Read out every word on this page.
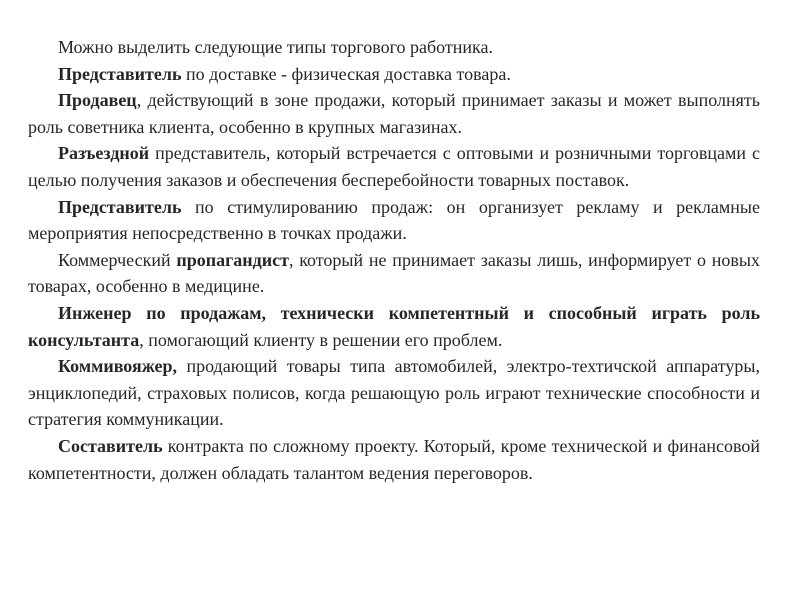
Можно выделить следующие типы торгового работника.

Представитель по доставке - физическая доставка товара.

Продавец, действующий в зоне продажи, который принимает заказы и может выполнять роль советника клиента, особенно в крупных магазинах.

Разъездной представитель, который встречается с оптовыми и розничными торговцами с целью получения заказов и обеспечения бесперебойности товарных поставок.

Представитель по стимулированию продаж: он организует рекламу и рекламные мероприятия непосредственно в точках продажи.

Коммерческий пропагандист, который не принимает заказы лишь, информирует о новых товарах, особенно в медицине.

Инженер по продажам, технически компетентный и способный играть роль консультанта, помогающий клиенту в решении его проблем.

Коммивояжер, продающий товары типа автомобилей, электро-техтичской аппаратуры, энциклопедий, страховых полисов, когда решающую роль играют технические способности и стратегия коммуникации.

Составитель контракта по сложному проекту. Который, кроме технической и финансовой компетентности, должен обладать талантом ведения переговоров.
